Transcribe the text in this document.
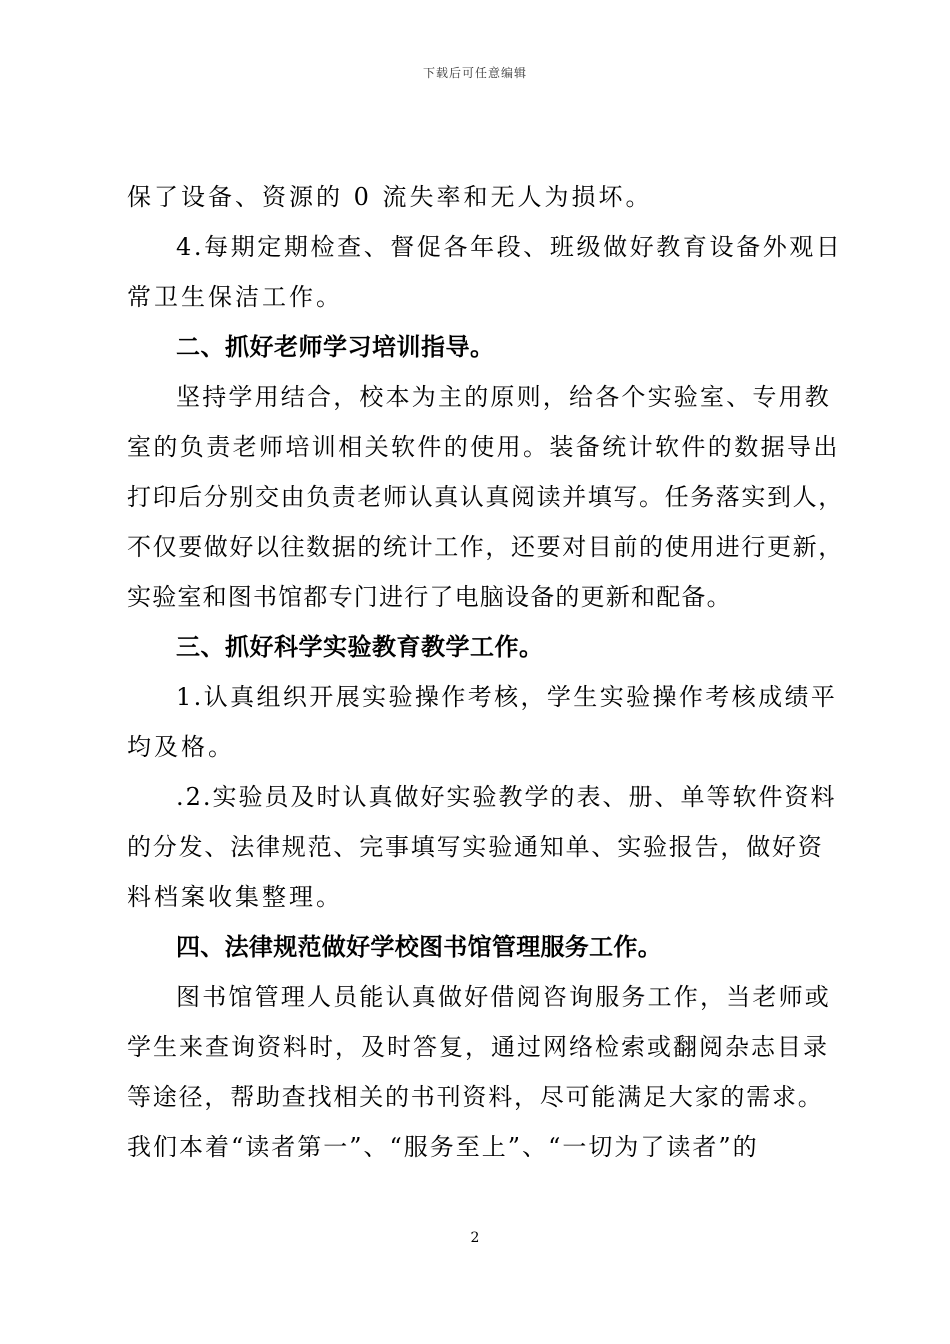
下载后可任意编辑
保了设备、资源的 0 流失率和无人为损坏。
4.每期定期检查、督促各年段、班级做好教育设备外观日
常卫生保洁工作。
二、抓好老师学习培训指导。
坚持学用结合，校本为主的原则，给各个实验室、专用教
室的负责老师培训相关软件的使用。装备统计软件的数据导出
打印后分别交由负责老师认真认真阅读并填写。任务落实到人，
不仅要做好以往数据的统计工作，还要对目前的使用进行更新，
实验室和图书馆都专门进行了电脑设备的更新和配备。
三、抓好科学实验教育教学工作。
1.认真组织开展实验操作考核，学生实验操作考核成绩平
均及格。
.2.实验员及时认真做好实验教学的表、册、单等软件资料
的分发、法律规范、完事填写实验通知单、实验报告，做好资
料档案收集整理。
四、法律规范做好学校图书馆管理服务工作。
图书馆管理人员能认真做好借阅咨询服务工作，当老师或
学生来查询资料时，及时答复，通过网络检索或翻阅杂志目录
等途径，帮助查找相关的书刊资料，尽可能满足大家的需求。
我们本着“读者第一”、“服务至上”、“一切为了读者”的
2
